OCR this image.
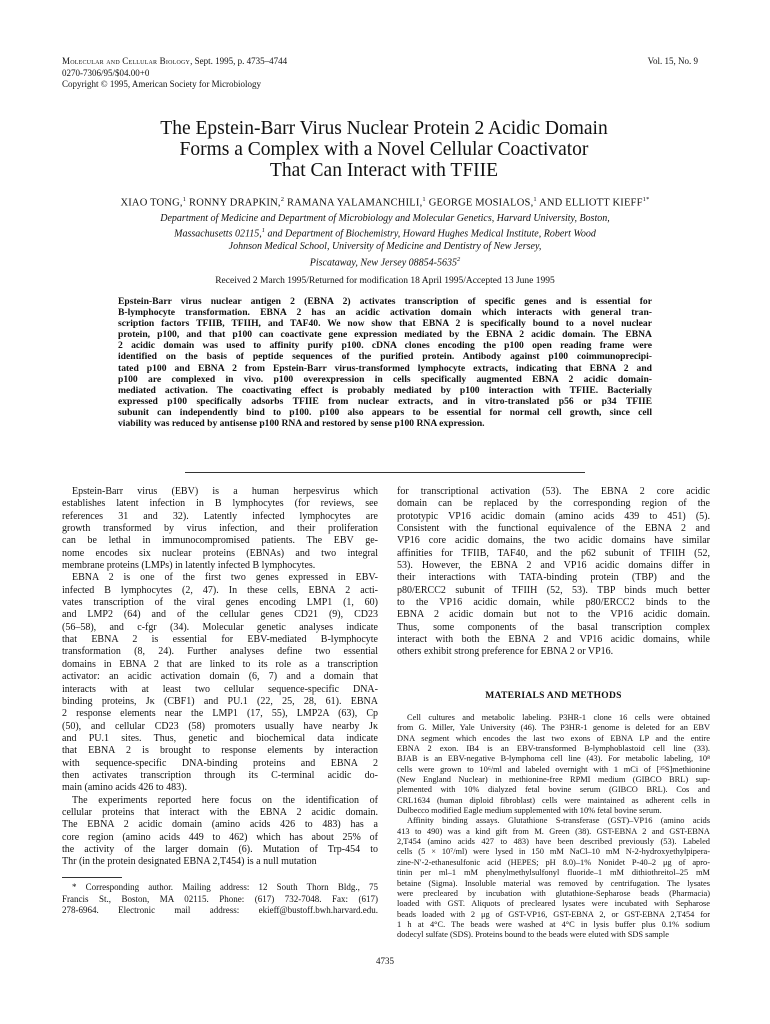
Molecular and Cellular Biology, Sept. 1995, p. 4735–4744
0270-7306/95/$04.00+0
Copyright © 1995, American Society for Microbiology
Vol. 15, No. 9
The Epstein-Barr Virus Nuclear Protein 2 Acidic Domain
Forms a Complex with a Novel Cellular Coactivator
That Can Interact with TFIIE
XIAO TONG,$^1$ RONNY DRAPKIN,$^2$ RAMANA YALAMANCHILI,$^1$ GEORGE MOSIALOS,$^1$ AND ELLIOTT $KIEFF^{1*}$
Department of Medicine and Department of Microbiology and Molecular Genetics, Harvard University, Boston,
Massachusetts 02115,$^1$ and Department of Biochemistry, Howard Hughes Medical Institute, Robert Wood
Johnson Medical School, University of Medicine and Dentistry of New Jersey,
Piscataway, New Jersey 08854-5635$^2$
Received 2 March 1995/Returned for modification 18 April 1995/Accepted 13 June 1995
Epstein-Barr virus nuclear antigen 2 (EBNA 2) activates transcription of specific genes and is essential for
B-lymphocyte transformation. EBNA 2 has an acidic activation domain which interacts with general tran-
scription factors TFIIB, TFIIH, and TAF40. We now show that EBNA 2 is specifically bound to a novel nuclear
protein, p100, and that p100 can coactivate gene expression mediated by the EBNA 2 acidic domain. The EBNA
2 acidic domain was used to affinity purify p100. cDNA clones encoding the p100 open reading frame were
identified on the basis of peptide sequences of the purified protein. Antibody against p100 coimmunoprecipi-
tated p100 and EBNA 2 from Epstein-Barr virus-transformed lymphocyte extracts, indicating that EBNA 2 and
p100 are complexed in vivo. p100 overexpression in cells specifically augmented EBNA 2 acidic domain-
mediated activation. The coactivating effect is probably mediated by p100 interaction with TFIIE. Bacterially
expressed p100 specifically adsorbs TFIIE from nuclear extracts, and in vitro-translated p56 or p34 TFIIE
subunit can independently bind to p100. p100 also appears to be essential for normal cell growth, since cell
viability was reduced by antisense p100 RNA and restored by sense p100 RNA expression.
Epstein-Barr virus (EBV) is a human herpesvirus which
establishes latent infection in B lymphocytes (for reviews, see
references 31 and 32). Latently infected lymphocytes are
growth transformed by virus infection, and their proliferation
can be lethal in immunocompromised patients. The EBV ge-
nome encodes six nuclear proteins (EBNAs) and two integral
membrane proteins (LMPs) in latently infected B lymphocytes.
EBNA 2 is one of the first two genes expressed in EBV-
infected B lymphocytes (2, 47). In these cells, EBNA 2 acti-
vates transcription of the viral genes encoding LMP1 (1, 60)
and LMP2 (64) and of the cellular genes CD21 (9), CD23
(56–58), and c-fgr (34). Molecular genetic analyses indicate
that EBNA 2 is essential for EBV-mediated B-lymphocyte
transformation (8, 24). Further analyses define two essential
domains in EBNA 2 that are linked to its role as a transcription
activator: an acidic activation domain (6, 7) and a domain that
interacts with at least two cellular sequence-specific DNA-
binding proteins, Jκ (CBF1) and PU.1 (22, 25, 28, 61). EBNA
2 response elements near the LMP1 (17, 55), LMP2A (63), Cp
(50), and cellular CD23 (58) promoters usually have nearby Jκ
and PU.1 sites. Thus, genetic and biochemical data indicate
that EBNA 2 is brought to response elements by interaction
with sequence-specific DNA-binding proteins and EBNA 2
then activates transcription through its C-terminal acidic do-
main (amino acids 426 to 483).
The experiments reported here focus on the identification of
cellular proteins that interact with the EBNA 2 acidic domain.
The EBNA 2 acidic domain (amino acids 426 to 483) has a
core region (amino acids 449 to 462) which has about 25% of
the activity of the larger domain (6). Mutation of Trp-454 to
Thr (in the protein designated EBNA 2,T454) is a null mutation
for transcriptional activation (53). The EBNA 2 core acidic
domain can be replaced by the corresponding region of the
prototypic VP16 acidic domain (amino acids 439 to 451) (5).
Consistent with the functional equivalence of the EBNA 2 and
VP16 core acidic domains, the two acidic domains have similar
affinities for TFIIB, TAF40, and the p62 subunit of TFIIH (52,
53). However, the EBNA 2 and VP16 acidic domains differ in
their interactions with TATA-binding protein (TBP) and the
p80/ERCC2 subunit of TFIIH (52, 53). TBP binds much better
to the VP16 acidic domain, while p80/ERCC2 binds to the
EBNA 2 acidic domain but not to the VP16 acidic domain.
Thus, some components of the basal transcription complex
interact with both the EBNA 2 and VP16 acidic domains, while
others exhibit strong preference for EBNA 2 or VP16.
MATERIALS AND METHODS
Cell cultures and metabolic labeling. P3HR-1 clone 16 cells were obtained
from G. Miller, Yale University (46). The P3HR-1 genome is deleted for an EBV
DNA segment which encodes the last two exons of EBNA LP and the entire
EBNA 2 exon. IB4 is an EBV-transformed B-lymphoblastoid cell line (33).
BJAB is an EBV-negative B-lymphoma cell line (43). For metabolic labeling, 10⁸
cells were grown to 10⁶/ml and labeled overnight with 1 mCi of [³⁵S]methionine
(New England Nuclear) in methionine-free RPMI medium (GIBCO BRL) sup-
plemented with 10% dialyzed fetal bovine serum (GIBCO BRL). Cos and
CRL1634 (human diploid fibroblast) cells were maintained as adherent cells in
Dulbecco modified Eagle medium supplemented with 10% fetal bovine serum.
Affinity binding assays. Glutathione S-transferase (GST)–VP16 (amino acids
413 to 490) was a kind gift from M. Green (38). GST-EBNA 2 and GST-EBNA
2,T454 (amino acids 427 to 483) have been described previously (53). Labeled
cells (5 × 10⁷/ml) were lysed in 150 mM NaCl–10 mM N-2-hydroxyethylpipera-
zine-N′-2-ethanesulfonic acid (HEPES; pH 8.0)–1% Nonidet P-40–2 μg of apro-
tinin per ml–1 mM phenylmethylsulfonyl fluoride–1 mM dithiothreitol–25 mM
betaine (Sigma). Insoluble material was removed by centrifugation. The lysates
were precleared by incubation with glutathione-Sepharose beads (Pharmacia)
loaded with GST. Aliquots of precleared lysates were incubated with Sepharose
beads loaded with 2 μg of GST-VP16, GST-EBNA 2, or GST-EBNA 2,T454 for
1 h at 4°C. The beads were washed at 4°C in lysis buffer plus 0.1% sodium
dodecyl sulfate (SDS). Proteins bound to the beads were eluted with SDS sample
* Corresponding author. Mailing address: 12 South Thorn Bldg., 75
Francis St., Boston, MA 02115. Phone: (617) 732-7048. Fax: (617)
278-6964. Electronic mail address: ekieff@bustoff.bwh.harvard.edu.
4735
